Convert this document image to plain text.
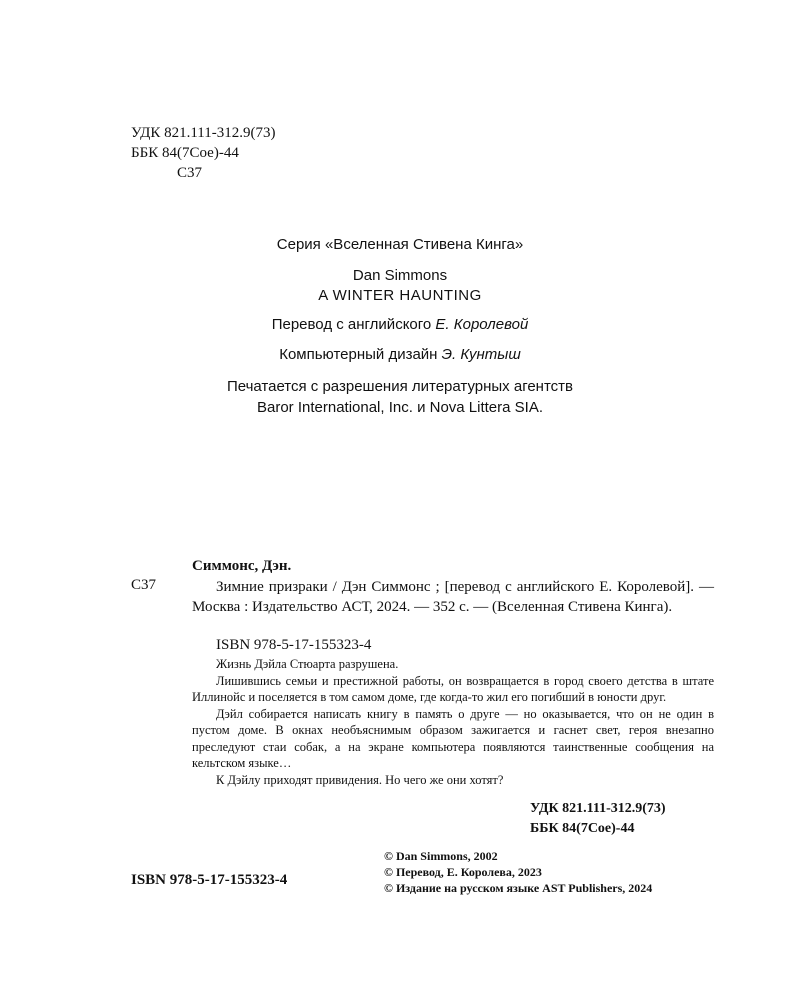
УДК 821.111-312.9(73)
ББК 84(7Сое)-44
С37
Серия «Вселенная Стивена Кинга»
Dan Simmons
A WINTER HAUNTING
Перевод с английского Е. Королевой
Компьютерный дизайн Э. Кунтыш
Печатается с разрешения литературных агентств
Baror International, Inc. и Nova Littera SIA.
Симмонс, Дэн.
С37	Зимние призраки / Дэн Симмонс ; [перевод с английского Е. Королевой]. — Москва : Издательство АСТ, 2024. — 352 с. — (Вселенная Стивена Кинга).

ISBN 978-5-17-155323-4

Жизнь Дэйла Стюарта разрушена.

Лишившись семьи и престижной работы, он возвращается в город своего детства в штате Иллинойс и поселяется в том самом доме, где когда-то жил его погибший в юности друг.

Дэйл собирается написать книгу в память о друге — но оказывается, что он не один в пустом доме. В окнах необъяснимым образом зажигается и гаснет свет, героя внезапно преследуют стаи собак, а на экране компьютера появляются таинственные сообщения на кельтском языке…

К Дэйлу приходят привидения. Но чего же они хотят?

УДК 821.111-312.9(73)
ББК 84(7Сое)-44
ISBN 978-5-17-155323-4
© Dan Simmons, 2002
© Перевод, Е. Королева, 2023
© Издание на русском языке AST Publishers, 2024
